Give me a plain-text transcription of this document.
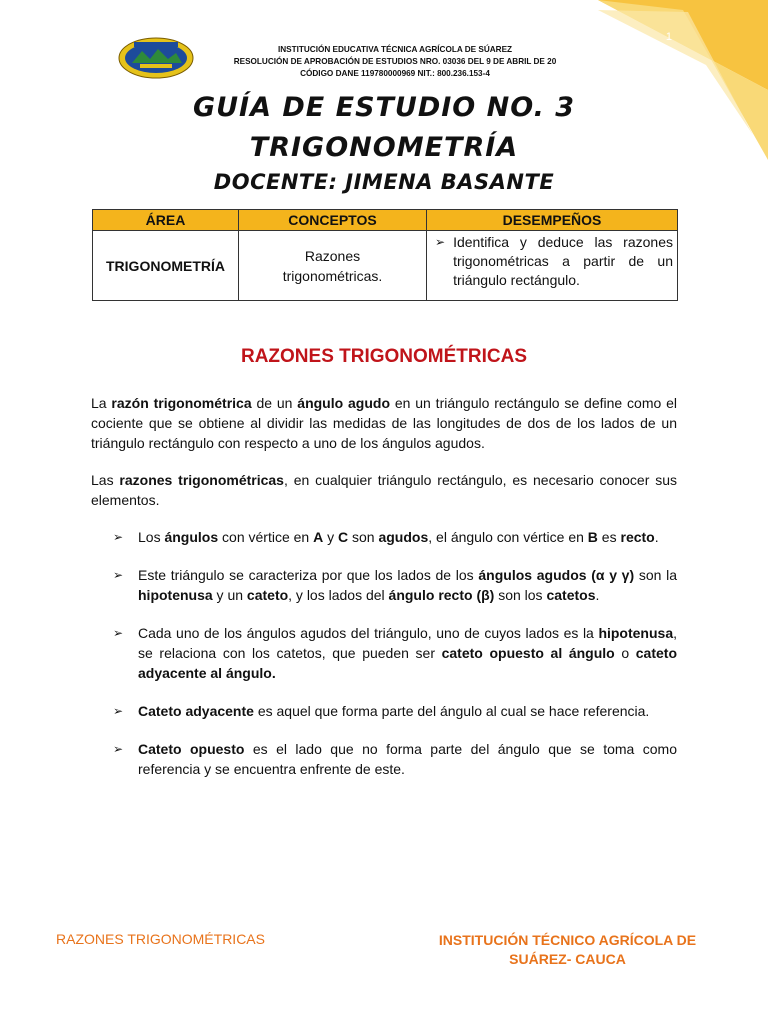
1
INSTITUCIÓN EDUCATIVA TÉCNICA AGRÍCOLA DE SÚAREZ
RESOLUCIÓN DE APROBACIÓN DE ESTUDIOS NRO. 03036 DEL 9 DE ABRIL DE 20
CÓDIGO DANE 119780000969 NIT.: 800.236.153-4
GUÍA DE ESTUDIO NO. 3
TRIGONOMETRÍA
DOCENTE: JIMENA BASANTE
ÁREA	CONCEPTOS	DESEMPEÑOS
TRIGONOMETRÍA	Razones trigonométricas.	➢ Identifica y deduce las razones trigonométricas a partir de un triángulo rectángulo.
RAZONES TRIGONOMÉTRICAS
La razón trigonométrica de un ángulo agudo en un triángulo rectángulo se define como el cociente que se obtiene al dividir las medidas de las longitudes de dos de los lados de un triángulo rectángulo con respecto a uno de los ángulos agudos.
Las razones trigonométricas, en cualquier triángulo rectángulo, es necesario conocer sus elementos.
➢ Los ángulos con vértice en A y C son agudos, el ángulo con vértice en B es recto.
➢ Este triángulo se caracteriza por que los lados de los ángulos agudos (α y γ) son la hipotenusa y un cateto, y los lados del ángulo recto (β) son los catetos.
➢ Cada uno de los ángulos agudos del triángulo, uno de cuyos lados es la hipotenusa, se relaciona con los catetos, que pueden ser cateto opuesto al ángulo o cateto adyacente al ángulo.
➢ Cateto adyacente es aquel que forma parte del ángulo al cual se hace referencia.
➢ Cateto opuesto es el lado que no forma parte del ángulo que se toma como referencia y se encuentra enfrente de este.
RAZONES TRIGONOMÉTRICAS	INSTITUCIÓN TÉCNICO AGRÍCOLA DE SUÁREZ- CAUCA
